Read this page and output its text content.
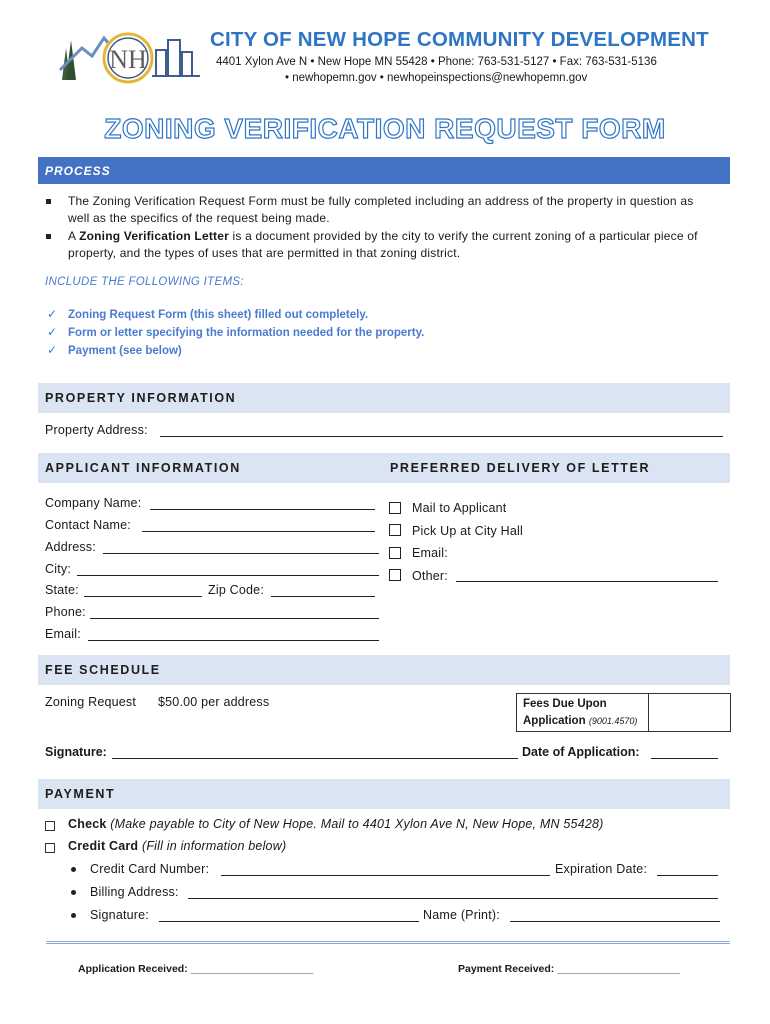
NH
CITY OF NEW HOPE COMMUNITY DEVELOPMENT
4401 Xylon Ave N • New Hope MN 55428 • Phone: 763-531-5127 • Fax: 763-531-5136
• newhopemn.gov • newhopeinspections@newhopemn.gov
ZONING VERIFICATION REQUEST FORM
PROCESS
The Zoning Verification Request Form must be fully completed including an address of the property in question as
well as the specifics of the request being made.
A Zoning Verification Letter is a document provided by the city to verify the current zoning of a particular piece of
property, and the types of uses that are permitted in that zoning district.
INCLUDE THE FOLLOWING ITEMS:
✓ Zoning Request Form (this sheet) filled out completely.
✓ Form or letter specifying the information needed for the property.
✓ Payment (see below)
PROPERTY INFORMATION
Property Address:
APPLICANT INFORMATION	PREFERRED DELIVERY OF LETTER
Company Name:
Contact Name:
Address:
City:
State:	Zip Code:
Phone:
Email:
Mail to Applicant
Pick Up at City Hall
Email:
Other:
FEE SCHEDULE
Zoning Request $50.00 per address	Fees Due Upon
Application (9001.4570)
Signature:	Date of Application:
PAYMENT
Check (Make payable to City of New Hope. Mail to 4401 Xylon Ave N, New Hope, MN 55428)
Credit Card (Fill in information below)
Credit Card Number:	Expiration Date:
Billing Address:
Signature:	Name (Print):
Application Received: _____________________	Payment Received: _____________________
